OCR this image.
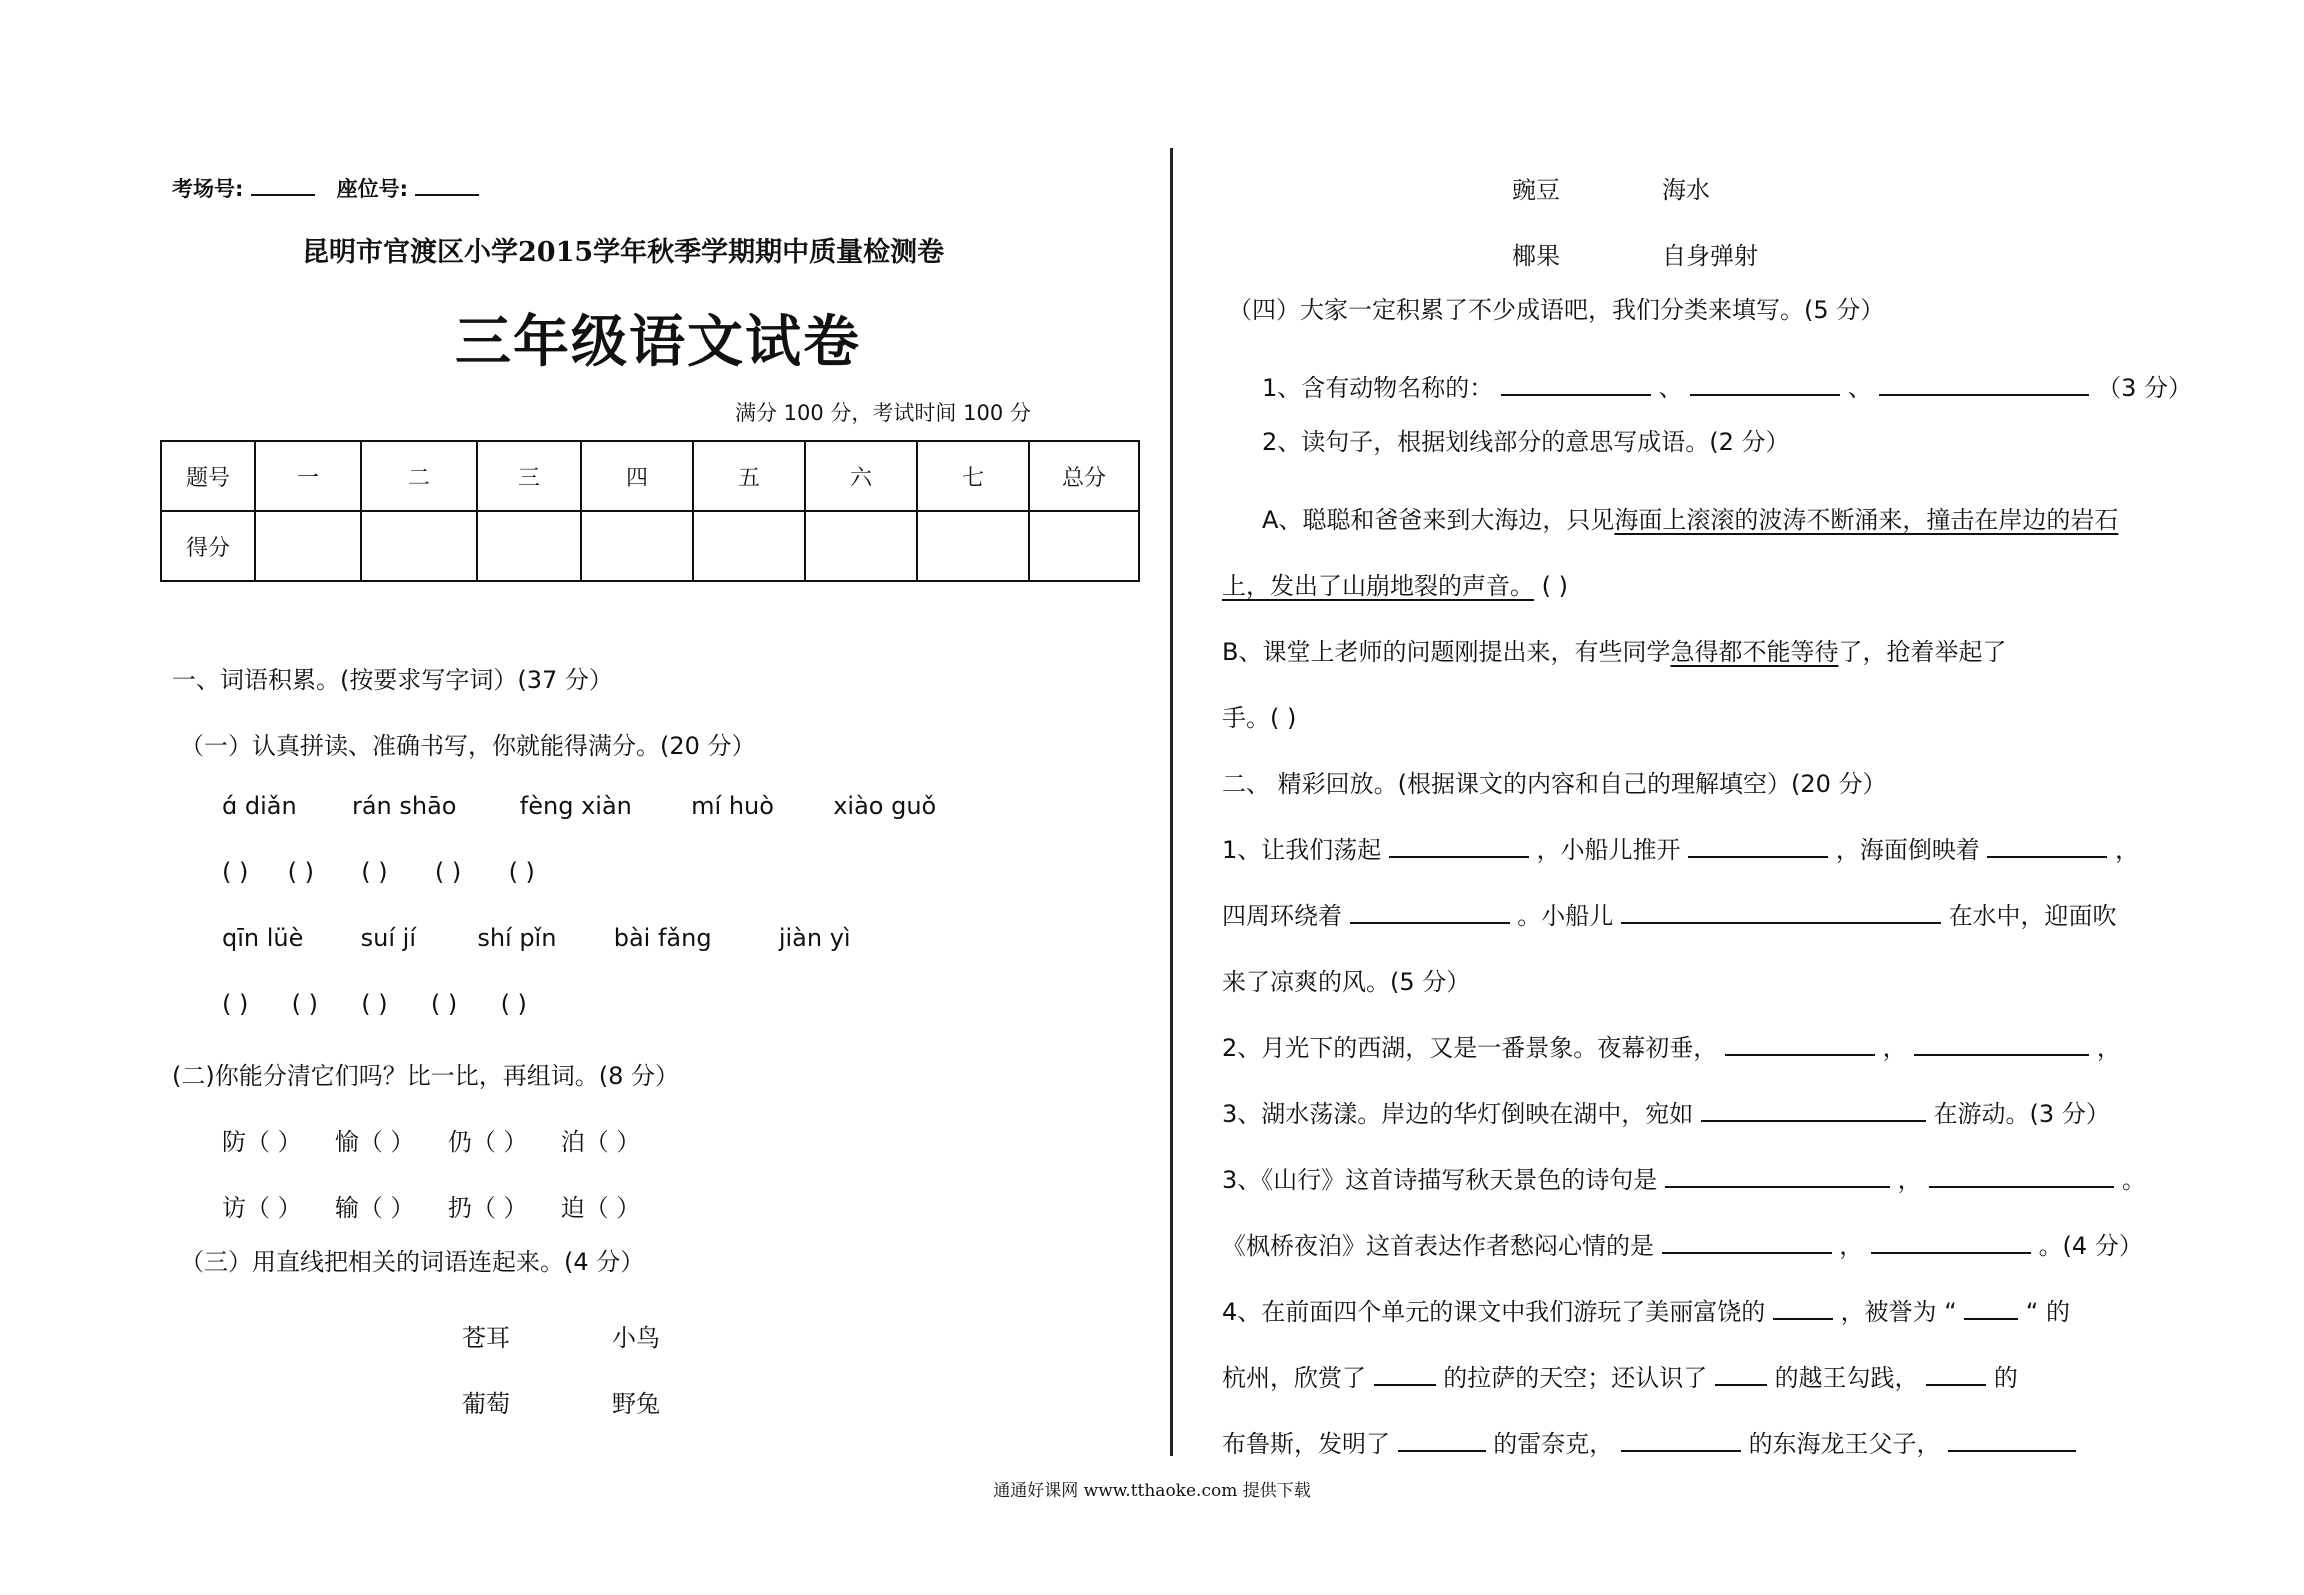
考场号:	座位号:
昆明市官渡区小学2015学年秋季学期期中质量检测卷
三年级语文试卷
满分 100 分，考试时间 100 分
题号	一	二	三	四	五	六	七	总分
得分								
一、词语积累。(按要求写字词）(37 分）
（一）认真拼读、准确书写，你就能得满分。(20 分）
ɑ́ diǎn rán shāo	fèng xiàn mí huò xiào guǒ
( ) ( ) ( ) ( ) ( )
qīn lüè suí jí	shí pǐn bài fǎng	jiàn yì
( ) ( ) ( ) ( ) ( )
(二)你能分清它们吗？比一比，再组词。(8 分）
防（ ） 愉（ ） 仍（ ） 泊（ ）
访（ ） 输（ ） 扔（ ） 迫（ ）
（三）用直线把相关的词语连起来。(4 分）
苍耳	小鸟
葡萄	野兔
豌豆	海水
椰果	自身弹射
（四）大家一定积累了不少成语吧，我们分类来填写。(5 分）
1、含有动物名称的：	、	、	（3 分）
2、读句子，根据划线部分的意思写成语。(2 分）
A、聪聪和爸爸来到大海边，只见海面上滚滚的波涛不断涌来，撞击在岸边的岩石
上，发出了山崩地裂的声音。 ( )
B、课堂上老师的问题刚提出来，有些同学急得都不能等待了，抢着举起了
手。( )
二、 精彩回放。(根据课文的内容和自己的理解填空）(20 分）
1、让我们荡起	，小船儿推开	，海面倒映着	，
四周环绕着	。小船儿	在水中，迎面吹
来了凉爽的风。(5 分）
2、月光下的西湖，又是一番景象。夜幕初垂，	，	，
3、湖水荡漾。岸边的华灯倒映在湖中，宛如	在游动。(3 分）
3、《山行》这首诗描写秋天景色的诗句是	，	。
《枫桥夜泊》这首表达作者愁闷心情的是	，	。(4 分）
4、在前面四个单元的课文中我们游玩了美丽富饶的	，被誉为 “	“ 的
杭州，欣赏了	的拉萨的天空；还认识了	的越王勾践，	的
布鲁斯，发明了	的雷奈克，	的东海龙王父子，
通通好课网 www.tthaoke.com 提供下载
